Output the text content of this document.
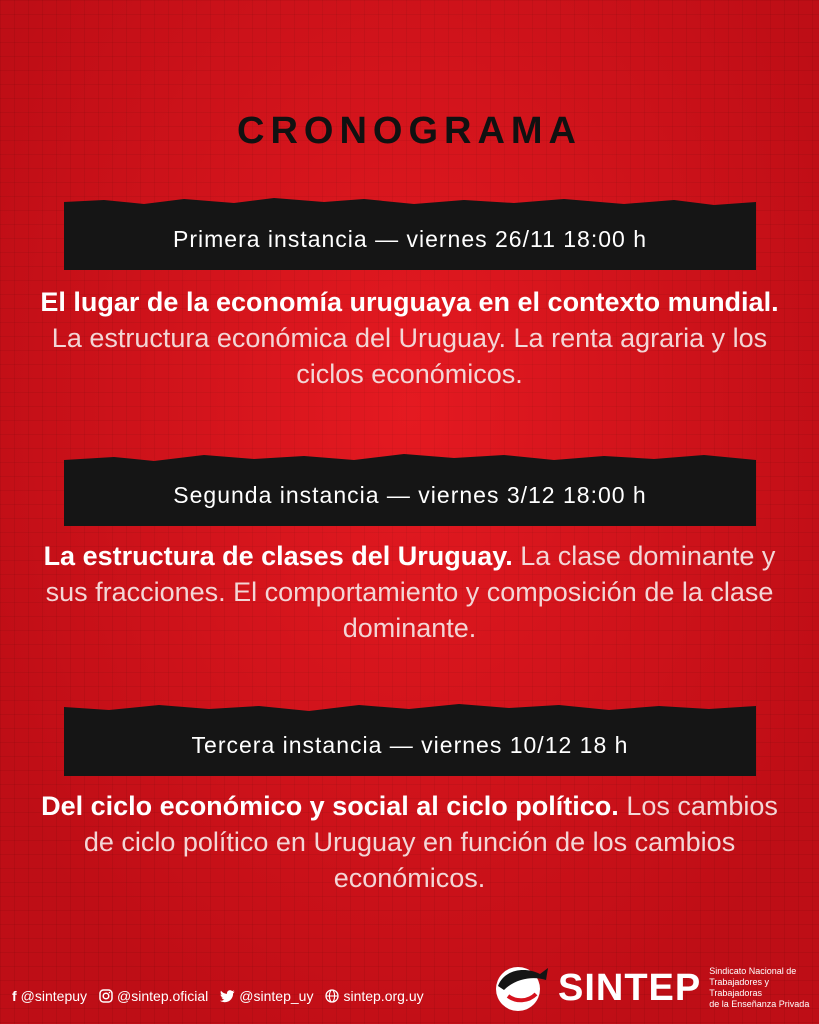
CRONOGRAMA
Primera instancia — viernes 26/11 18:00 h
El lugar de la economía uruguaya en el contexto mundial. La estructura económica del Uruguay. La renta agraria y los ciclos económicos.
Segunda instancia — viernes 3/12 18:00 h
La estructura de clases del Uruguay. La clase dominante y sus fracciones. El comportamiento y composición de la clase dominante.
Tercera instancia — viernes 10/12 18 h
Del ciclo económico y social al ciclo político. Los cambios de ciclo político en Uruguay en función de los cambios económicos.
f @sintepuy @sintep.oficial @sintep_uy sintep.org.uy	SINTEP Sindicato Nacional de
Trabajadores y Trabajadoras
de la Enseñanza Privada
